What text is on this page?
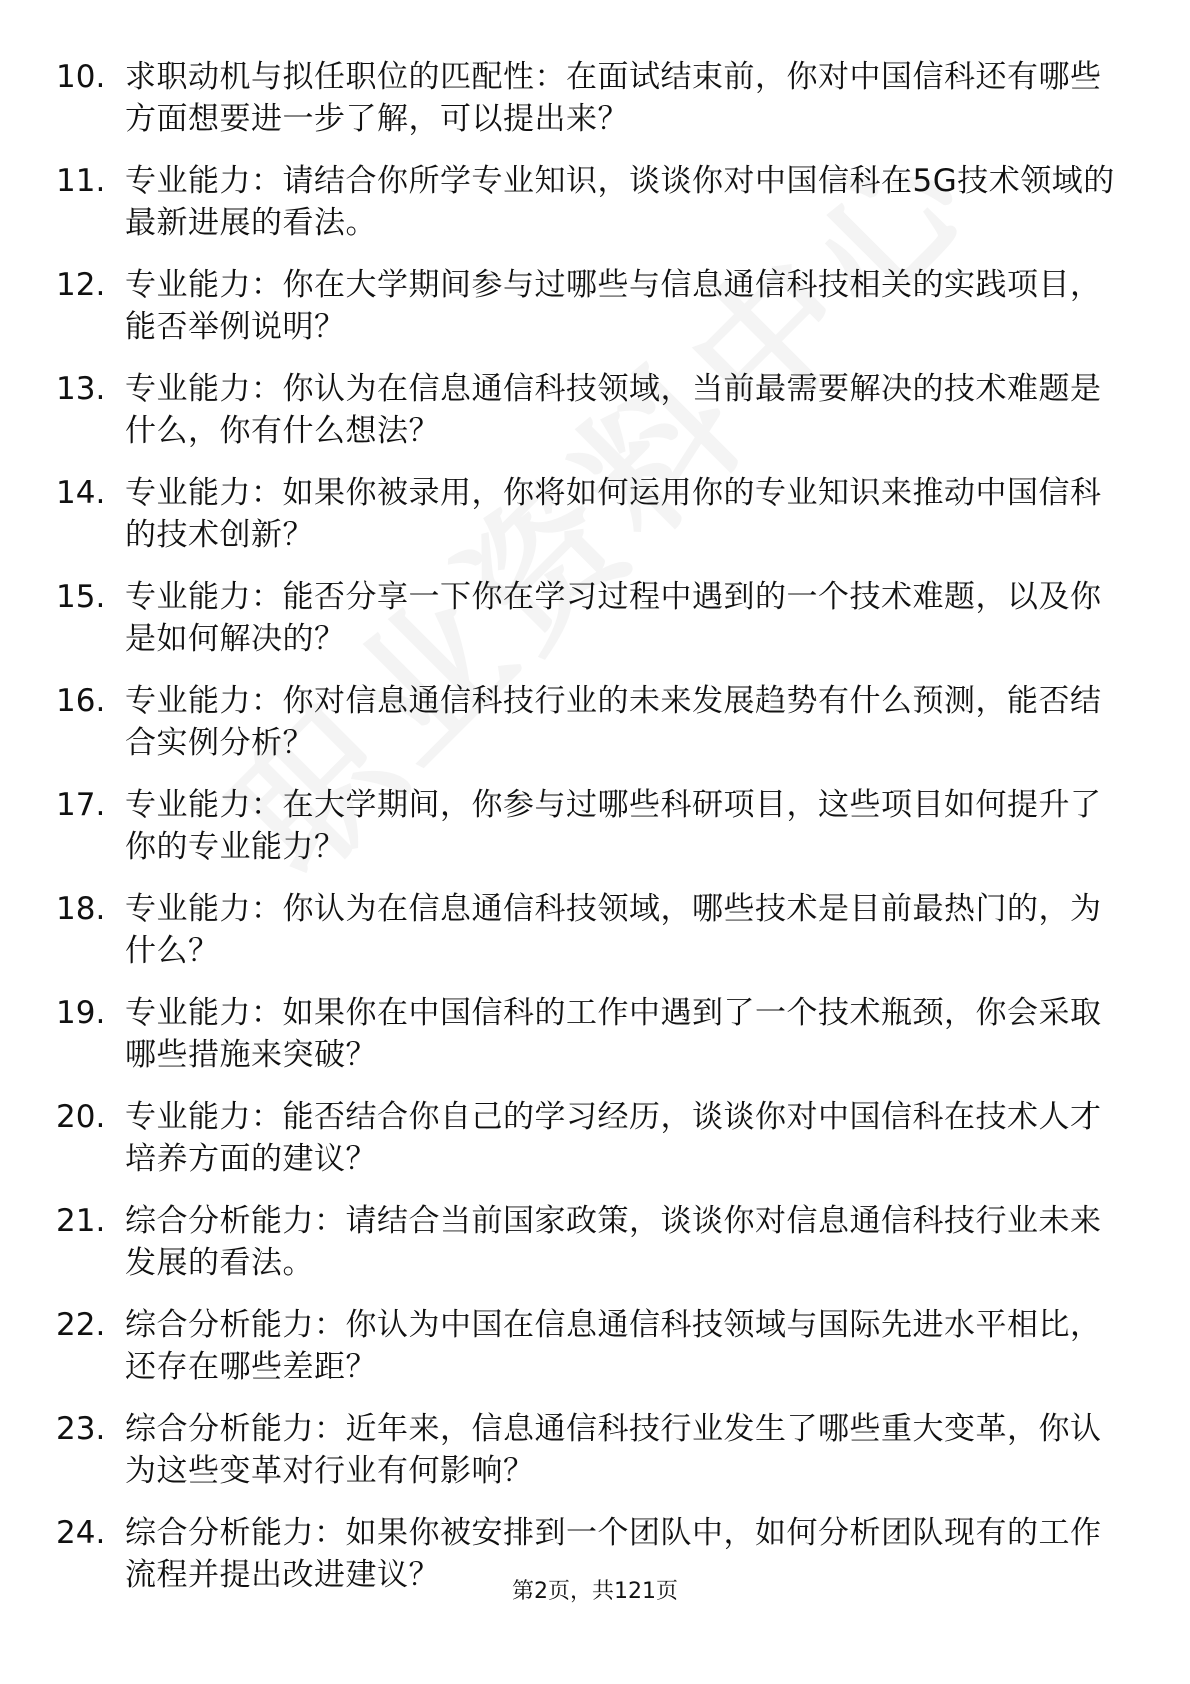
10. 求职动机与拟任职位的匹配性：在面试结束前，你对中国信科还有哪些方面想要进一步了解，可以提出来？
11. 专业能力：请结合你所学专业知识，谈谈你对中国信科在5G技术领域的最新进展的看法。
12. 专业能力：你在大学期间参与过哪些与信息通信科技相关的实践项目，能否举例说明？
13. 专业能力：你认为在信息通信科技领域，当前最需要解决的技术难题是什么，你有什么想法？
14. 专业能力：如果你被录用，你将如何运用你的专业知识来推动中国信科的技术创新？
15. 专业能力：能否分享一下你在学习过程中遇到的一个技术难题，以及你是如何解决的？
16. 专业能力：你对信息通信科技行业的未来发展趋势有什么预测，能否结合实例分析？
17. 专业能力：在大学期间，你参与过哪些科研项目，这些项目如何提升了你的专业能力？
18. 专业能力：你认为在信息通信科技领域，哪些技术是目前最热门的，为什么？
19. 专业能力：如果你在中国信科的工作中遇到了一个技术瓶颈，你会采取哪些措施来突破？
20. 专业能力：能否结合你自己的学习经历，谈谈你对中国信科在技术人才培养方面的建议？
21. 综合分析能力：请结合当前国家政策，谈谈你对信息通信科技行业未来发展的看法。
22. 综合分析能力：你认为中国在信息通信科技领域与国际先进水平相比，还存在哪些差距？
23. 综合分析能力：近年来，信息通信科技行业发生了哪些重大变革，你认为这些变革对行业有何影响？
24. 综合分析能力：如果你被安排到一个团队中，如何分析团队现有的工作流程并提出改进建议？	第2页，共121页
